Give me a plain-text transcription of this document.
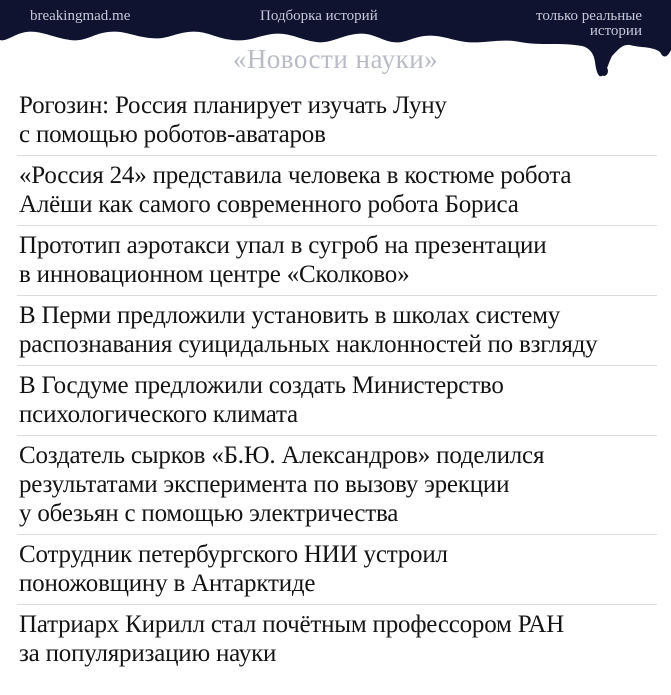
breakingmad.me	Подборка историй	только реальные
истории
«Новости науки»
Рогозин: Россия планирует изучать Луну
с помощью роботов-аватаров
«Россия 24» представила человека в костюме робота
Алёши как самого современного робота Бориса
Прототип аэротакси упал в сугроб на презентации
в инновационном центре «Сколково»
В Перми предложили установить в школах систему
распознавания суицидальных наклонностей по взгляду
В Госдуме предложили создать Министерство
психологического климата
Создатель сырков «Б.Ю. Александров» поделился
результатами эксперимента по вызову эрекции
у обезьян с помощью электричества
Сотрудник петербургского НИИ устроил
поножовщину в Антарктиде
Патриарх Кирилл стал почётным профессором РАН
за популяризацию науки
